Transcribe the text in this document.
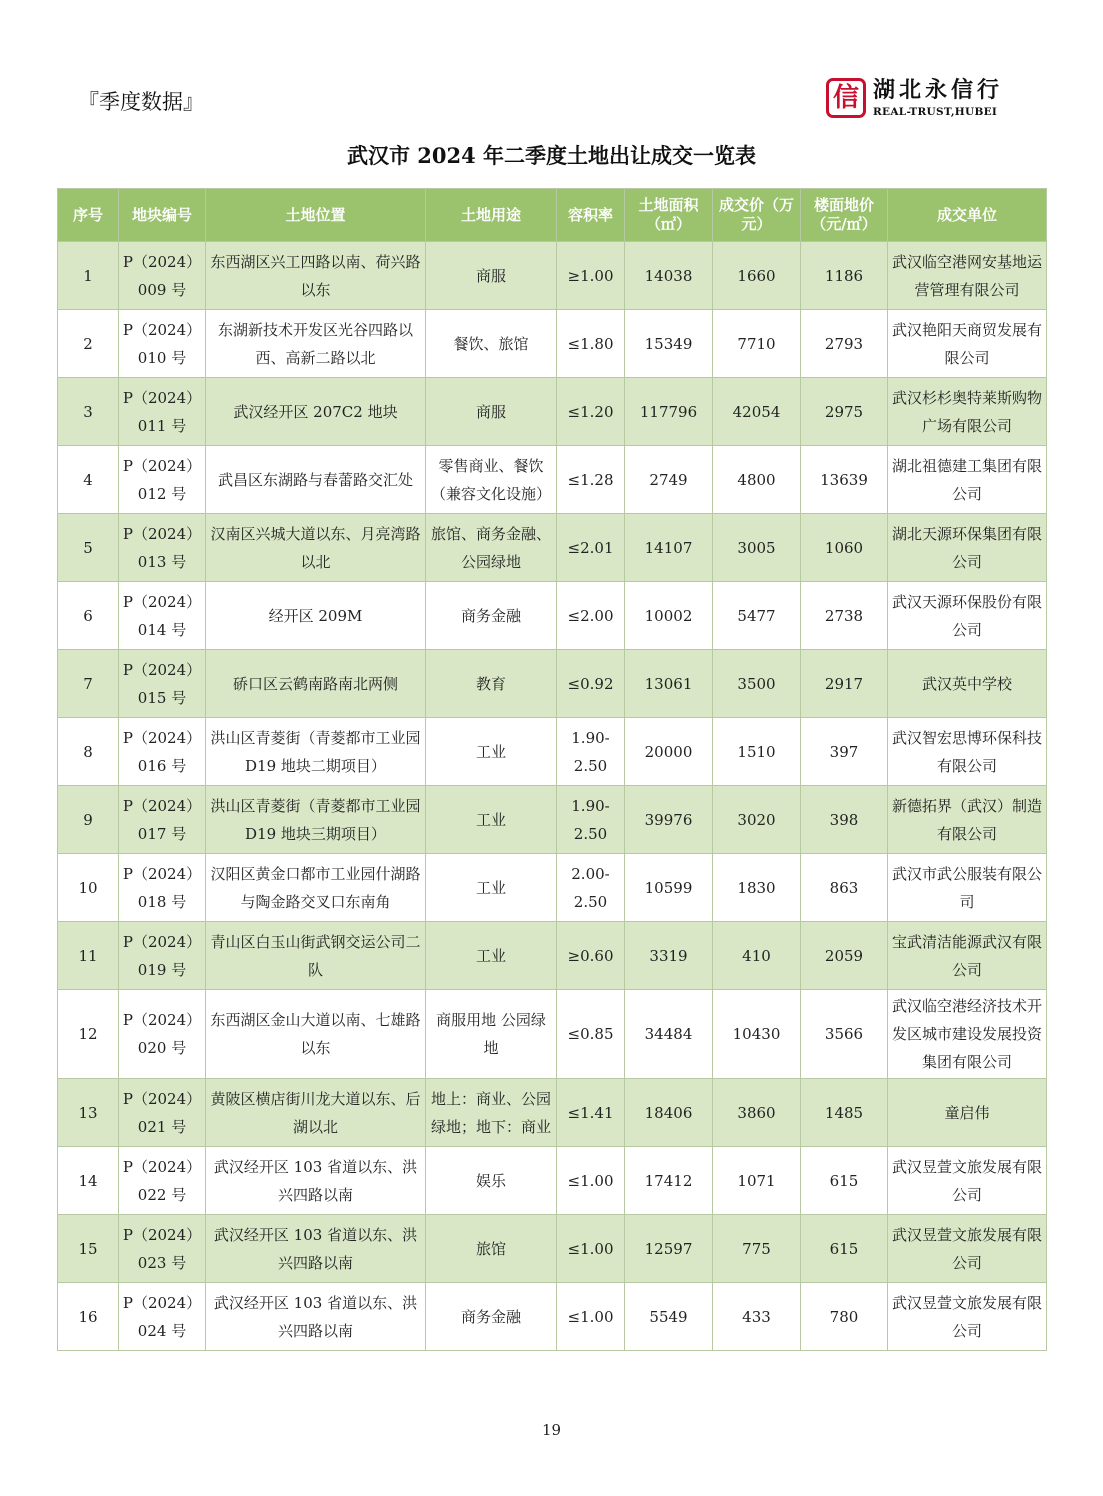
『季度数据』	信 湖北永信行
REAL-TRUST,HUBEI
武汉市 2024 年二季度土地出让成交一览表
序号	地块编号	土地位置	土地用途	容积率	土地面积（㎡）	成交价（万元）	楼面地价（元/㎡）	成交单位

1	P（2024）009 号	东西湖区兴工四路以南、荷兴路以东	商服	≥1.00	14038	1660	1186	武汉临空港网安基地运营管理有限公司

2	P（2024）010 号	东湖新技术开发区光谷四路以西、高新二路以北	餐饮、旅馆	≤1.80	15349	7710	2793	武汉艳阳天商贸发展有限公司

3	P（2024）011 号	武汉经开区 207C2 地块	商服	≤1.20	117796	42054	2975	武汉杉杉奥特莱斯购物广场有限公司

4	P（2024）012 号	武昌区东湖路与春蕾路交汇处	零售商业、餐饮（兼容文化设施）	≤1.28	2749	4800	13639	湖北祖德建工集团有限公司

5	P（2024）013 号	汉南区兴城大道以东、月亮湾路以北	旅馆、商务金融、公园绿地	≤2.01	14107	3005	1060	湖北天源环保集团有限公司

6	P（2024）014 号	经开区 209M	商务金融	≤2.00	10002	5477	2738	武汉天源环保股份有限公司

7	P（2024）015 号	硚口区云鹤南路南北两侧	教育	≤0.92	13061	3500	2917	武汉英中学校

8	P（2024）016 号	洪山区青菱街（青菱都市工业园 D19 地块二期项目）	工业	1.90-2.50	20000	1510	397	武汉智宏思博环保科技有限公司

9	P（2024）017 号	洪山区青菱街（青菱都市工业园 D19 地块三期项目）	工业	1.90-2.50	39976	3020	398	新德拓界（武汉）制造有限公司

10	P（2024）018 号	汉阳区黄金口都市工业园什湖路与陶金路交叉口东南角	工业	2.00-2.50	10599	1830	863	武汉市武公服装有限公司

11	P（2024）019 号	青山区白玉山街武钢交运公司二队	工业	≥0.60	3319	410	2059	宝武清洁能源武汉有限公司

12	P（2024）020 号	东西湖区金山大道以南、七雄路以东	商服用地 公园绿地	≤0.85	34484	10430	3566	武汉临空港经济技术开发区城市建设发展投资集团有限公司

13	P（2024）021 号	黄陂区横店街川龙大道以东、后湖以北	地上：商业、公园绿地；地下：商业	≤1.41	18406	3860	1485	童启伟

14	P（2024）022 号	武汉经开区 103 省道以东、洪兴四路以南	娱乐	≤1.00	17412	1071	615	武汉昱萱文旅发展有限公司

15	P（2024）023 号	武汉经开区 103 省道以东、洪兴四路以南	旅馆	≤1.00	12597	775	615	武汉昱萱文旅发展有限公司

16	P（2024）024 号	武汉经开区 103 省道以东、洪兴四路以南	商务金融	≤1.00	5549	433	780	武汉昱萱文旅发展有限公司
19
